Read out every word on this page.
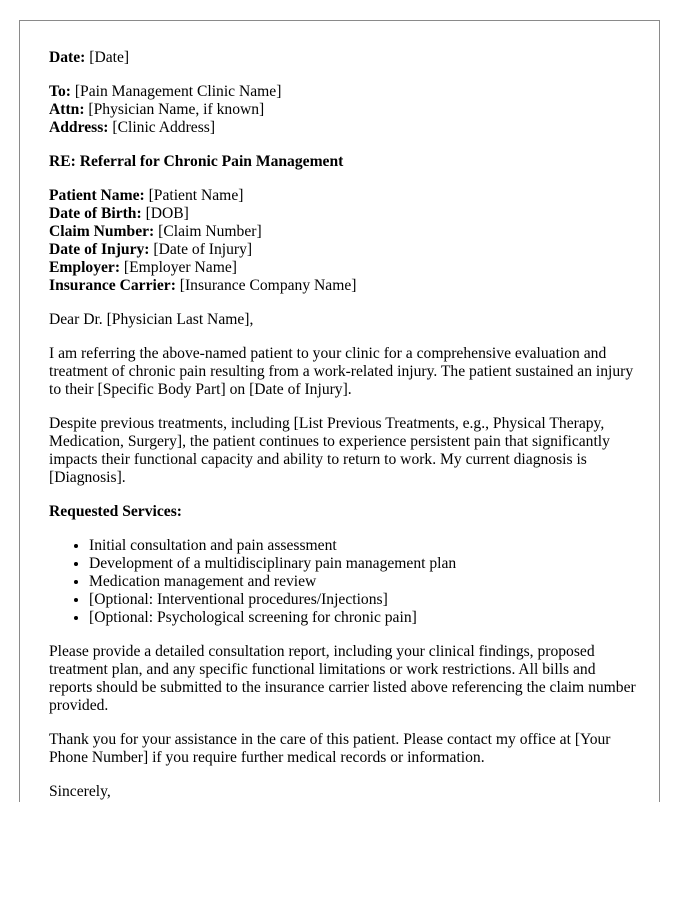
Date: [Date]

To: [Pain Management Clinic Name]

Attn: [Physician Name, if known]

Address: [Clinic Address]

RE: Referral for Chronic Pain Management

Patient Name: [Patient Name]

Date of Birth: [DOB]

Claim Number: [Claim Number]

Date of Injury: [Date of Injury]

Employer: [Employer Name]

Insurance Carrier: [Insurance Company Name]

Dear Dr. [Physician Last Name],

I am referring the above-named patient to your clinic for a comprehensive evaluation and treatment of chronic pain resulting from a work-related injury. The patient sustained an injury to their [Specific Body Part] on [Date of Injury].

Despite previous treatments, including [List Previous Treatments, e.g., Physical Therapy, Medication, Surgery], the patient continues to experience persistent pain that significantly impacts their functional capacity and ability to return to work. My current diagnosis is [Diagnosis].

Requested Services:

• Initial consultation and pain assessment
• Development of a multidisciplinary pain management plan
• Medication management and review
• [Optional: Interventional procedures/Injections]
• [Optional: Psychological screening for chronic pain]

Please provide a detailed consultation report, including your clinical findings, proposed treatment plan, and any specific functional limitations or work restrictions. All bills and reports should be submitted to the insurance carrier listed above referencing the claim number provided.

Thank you for your assistance in the care of this patient. Please contact my office at [Your Phone Number] if you require further medical records or information.

Sincerely,
